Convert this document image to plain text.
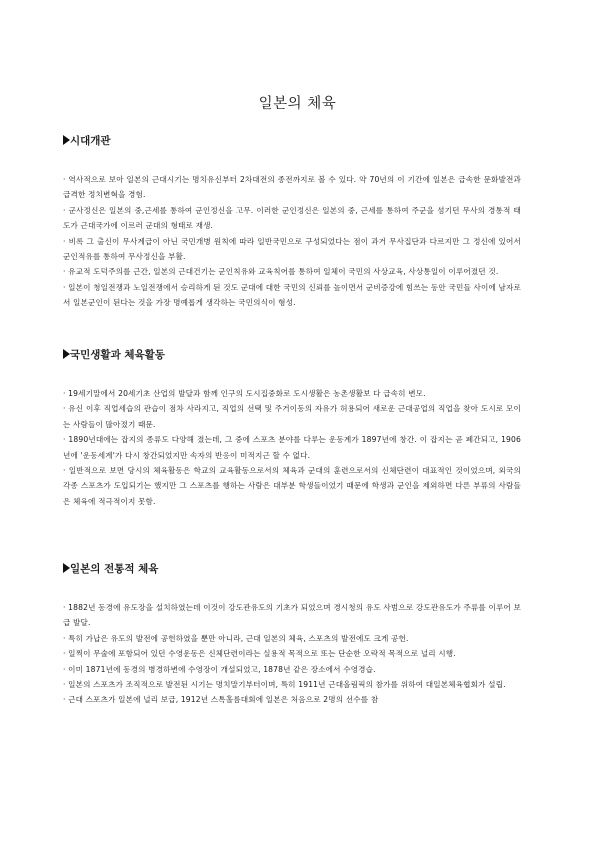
일본의 체육
시대개관

· 역사적으로 보아 일본의 근대시기는 명치유신부터 2차대전의 종전까지로 볼 수 있다. 약 70년의 이 기간에 일본은 급속한 문화발전과 급격한 정치변혁을 경험.

· 군사정신은 일본의 중,근세를 통하여 군인정신을 고무. 이러한 군인정신은 일본의 중, 근세를 통하여 주군을 섬기던 무사의 경통적 태도가 근대국가에 이르러 군대의 형태로 재생.

· 비록 그 출신이 무사계급이 아닌 국민개병 원칙에 따라 일반국민으로 구성되었다는 점이 과거 무사집단과 다르지만 그 정신에 있어서 군인적유를 통하여 무사정신을 부활.

· 유교적 도덕주의를 근간, 일본의 근대건기는 군인칙유와 교육칙어를 통하여 일체이 국민의 사상교육, 사상통일이 이루어졌던 것.

· 일본이 청일전쟁과 노일전쟁에서 승리하게 된 것도 군대에 대한 국민의 신뢰를 높이면서 군비증강에 힘쓰는 동안 국민들 사이에 남자로서 일본군인이 된다는 것을 가장 명예롭게 생각하는 국민의식이 형성.

국민생활과 체육활동

· 19세기말에서 20세기초 산업의 발달과 함께 인구의 도시집중화로 도시생활은 농촌생활보 다 급속히 변모.

· 유신 이후 직업세습의 관습이 점차 사라지고, 직업의 선택 및 주거이동의 자유가 허용되어 새로운 근대공업의 직업을 찾아 도시로 모이는 사람들이 많아졌기 때문.

· 1890년대에는 잡지의 종류도 다양해 졌는데, 그 중에 스포츠 분야를 다루는 운동계가 1897년에 창간. 이 잡지는 곧 폐간되고, 1906년에 '운동세계'가 다시 창간되었지만 속자의 반응이 미적지근 할 수 없다.

· 일반적으로 보면 당시의 체육활동은 학교의 교육활동으로서의 체육과 군대의 훈련으로서의 신체단련이 대표적인 것이었으며, 외국의 각종 스포츠가 도입되기는 했지만 그 스포츠를 행하는 사람은 대부분 학생들이었기 때문에 학생과 군인을 제외하면 다른 부류의 사람들은 체육에 적극적이지 못함.

일본의 전통적 체육

· 1882년 동경에 유도장을 설치하였는데 이것이 강도관유도의 기초가 되었으며 경시청의 유도 사범으로 강도관유도가 주류를 이루어 보급 발달.

· 특히 가납은 유도의 발전에 공헌하였을 뿐만 아니라, 근대 일본의 체육, 스포츠의 발전에도 크게 공헌.

· 일찍이 무술에 포함되어 있던 수영운동은 신체단련이라는 실용적 목적으로 또는 단순한 오락적 목적으로 널리 시행.

· 이미 1871년에 동경의 병경하변에 수영장이 개설되었고, 1878년 같은 장소에서 수영경습.

· 일본의 스포츠가 조직적으로 발전된 시기는 명치말기부터이며, 특히 1911년 근대올림픽의 참가를 위하여 대일본체육협회가 설립.

· 근대 스포츠가 일본에 널리 보급, 1912년 스톡홀름대회에 일본은 처음으로 2명의 선수를 참
